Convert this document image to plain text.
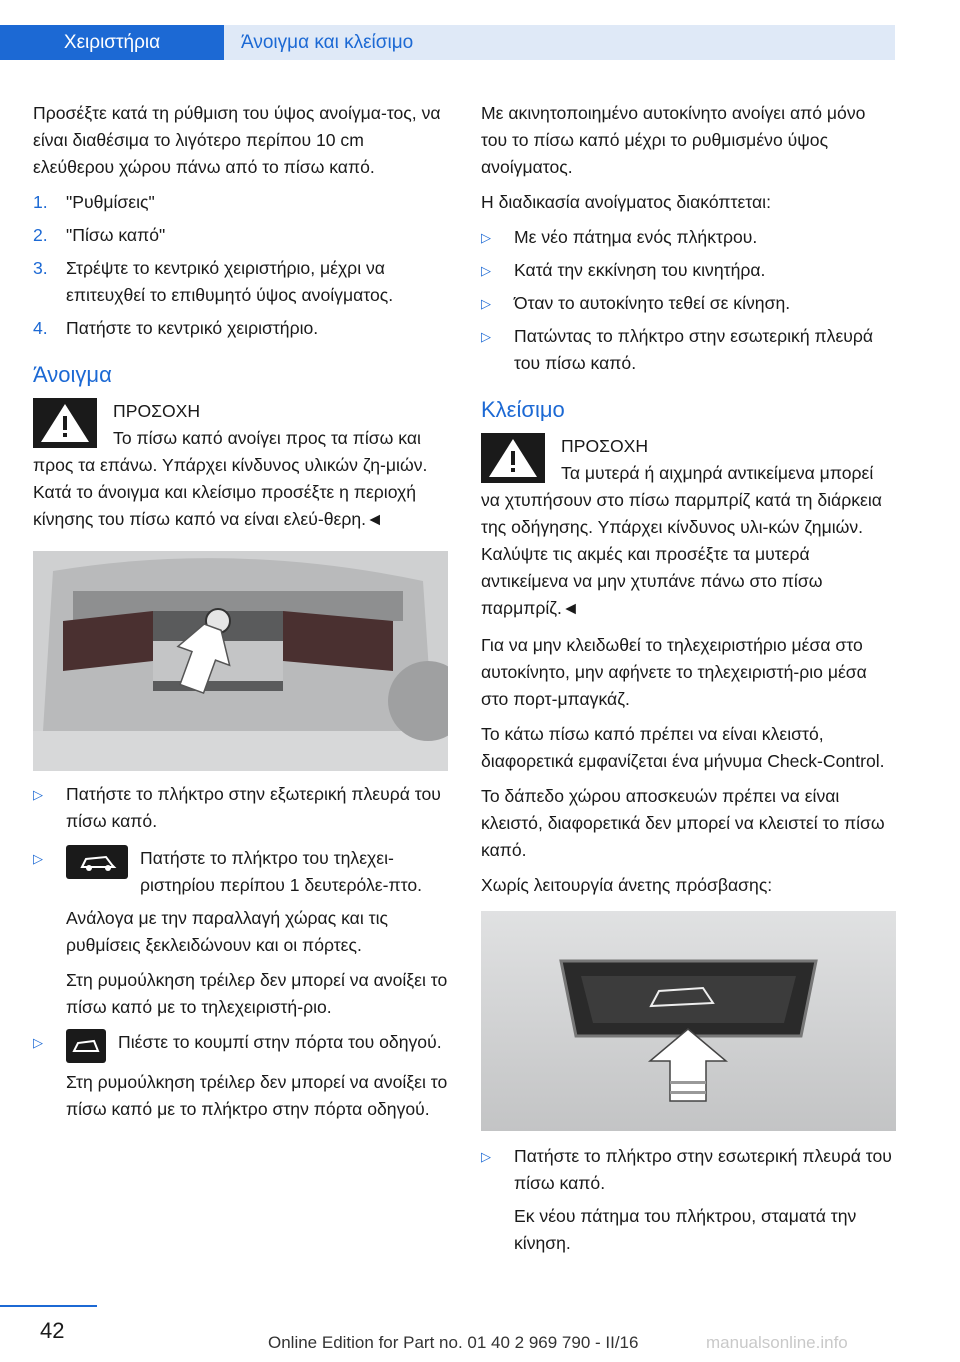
Χειριστήρια	Άνοιγμα και κλείσιμο

Προσέξτε κατά τη ρύθμιση του ύψος ανοίγμα-τος, να είναι διαθέσιμα το λιγότερο περίπου 10 cm ελεύθερου χώρου πάνω από το πίσω καπό.

1.	"Ρυθμίσεις"
2.	"Πίσω καπό"
3.	Στρέψτε το κεντρικό χειριστήριο, μέχρι να επιτευχθεί το επιθυμητό ύψος ανοίγματος.
4.	Πατήστε το κεντρικό χειριστήριο.
Άνοιγμα
ΠΡΟΣΟΧΗ
Το πίσω καπό ανοίγει προς τα πίσω και
προς τα επάνω. Υπάρχει κίνδυνος υλικών ζη-μιών. Κατά το άνοιγμα και κλείσιμο προσέξτε η περιοχή κίνησης του πίσω καπό να είναι ελεύ-θερη.◄
▷	Πατήστε το πλήκτρο στην εξωτερική πλευρά του πίσω καπό.
▷	Πατήστε το πλήκτρο του τηλεχει-ριστηρίου περίπου 1 δευτερόλε-πτο.

Ανάλογα με την παραλλαγή χώρας και τις ρυθμίσεις ξεκλειδώνουν και οι πόρτες.

Στη ρυμούλκηση τρέιλερ δεν μπορεί να ανοίξει το πίσω καπό με το τηλεχειριστή-ριο.

▷	Πιέστε το κουμπί στην πόρτα του οδηγού.

Στη ρυμούλκηση τρέιλερ δεν μπορεί να ανοίξει το πίσω καπό με το πλήκτρο στην πόρτα οδηγού.

Με ακινητοποιημένο αυτοκίνητο ανοίγει από μόνο του το πίσω καπό μέχρι το ρυθμισμένο ύψος ανοίγματος.

Η διαδικασία ανοίγματος διακόπτεται:

▷	Με νέο πάτημα ενός πλήκτρου.
▷	Κατά την εκκίνηση του κινητήρα.
▷	Όταν το αυτοκίνητο τεθεί σε κίνηση.
▷	Πατώντας το πλήκτρο στην εσωτερική πλευρά του πίσω καπό.
Κλείσιμο
ΠΡΟΣΟΧΗ
Τα μυτερά ή αιχμηρά αντικείμενα μπορεί
να χτυπήσουν στο πίσω παρμπρίζ κατά τη διάρκεια της οδήγησης. Υπάρχει κίνδυνος υλι-κών ζημιών. Καλύψτε τις ακμές και προσέξτε τα μυτερά αντικείμενα να μην χτυπάνε πάνω στο πίσω παρμπρίζ.◄

Για να μην κλειδωθεί το τηλεχειριστήριο μέσα στο αυτοκίνητο, μην αφήνετε το τηλεχειριστή-ριο μέσα στο πορτ-μπαγκάζ.

Το κάτω πίσω καπό πρέπει να είναι κλειστό, διαφορετικά εμφανίζεται ένα μήνυμα Check-Control.

Το δάπεδο χώρου αποσκευών πρέπει να είναι κλειστό, διαφορετικά δεν μπορεί να κλειστεί το πίσω καπό.

Χωρίς λειτουργία άνετης πρόσβασης:

▷	Πατήστε το πλήκτρο στην εσωτερική πλευρά του πίσω καπό.

Εκ νέου πάτημα του πλήκτρου, σταματά την κίνηση.

42	Online Edition for Part no. 01 40 2 969 790 - II/16	manualsonline.info
